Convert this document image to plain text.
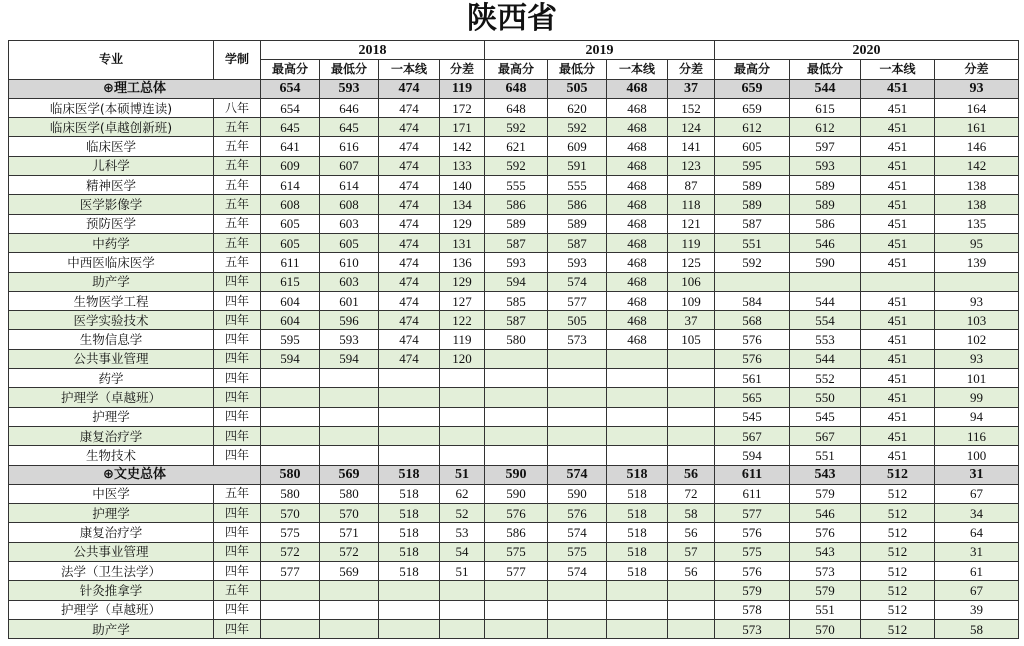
陕西省
专业	学制	2018				2019				2020			
		最高分	最低分	一本线	分差	最高分	最低分	一本线	分差	最高分	最低分	一本线	分差
⊕理工总体		654	593	474	119	648	505	468	37	659	544	451	93
临床医学(本硕博连读)	八年	654	646	474	172	648	620	468	152	659	615	451	164
临床医学(卓越创新班)	五年	645	645	474	171	592	592	468	124	612	612	451	161
临床医学	五年	641	616	474	142	621	609	468	141	605	597	451	146
儿科学	五年	609	607	474	133	592	591	468	123	595	593	451	142
精神医学	五年	614	614	474	140	555	555	468	87	589	589	451	138
医学影像学	五年	608	608	474	134	586	586	468	118	589	589	451	138
预防医学	五年	605	603	474	129	589	589	468	121	587	586	451	135
中药学	五年	605	605	474	131	587	587	468	119	551	546	451	95
中西医临床医学	五年	611	610	474	136	593	593	468	125	592	590	451	139
助产学	四年	615	603	474	129	594	574	468	106				
生物医学工程	四年	604	601	474	127	585	577	468	109	584	544	451	93
医学实验技术	四年	604	596	474	122	587	505	468	37	568	554	451	103
生物信息学	四年	595	593	474	119	580	573	468	105	576	553	451	102
公共事业管理	四年	594	594	474	120					576	544	451	93
药学	四年									561	552	451	101
护理学（卓越班）	四年									565	550	451	99
护理学	四年									545	545	451	94
康复治疗学	四年									567	567	451	116
生物技术	四年									594	551	451	100
⊕文史总体		580	569	518	51	590	574	518	56	611	543	512	31
中医学	五年	580	580	518	62	590	590	518	72	611	579	512	67
护理学	四年	570	570	518	52	576	576	518	58	577	546	512	34
康复治疗学	四年	575	571	518	53	586	574	518	56	576	576	512	64
公共事业管理	四年	572	572	518	54	575	575	518	57	575	543	512	31
法学（卫生法学）	四年	577	569	518	51	577	574	518	56	576	573	512	61
针灸推拿学	五年									579	579	512	67
护理学（卓越班）	四年									578	551	512	39
助产学	四年									573	570	512	58
